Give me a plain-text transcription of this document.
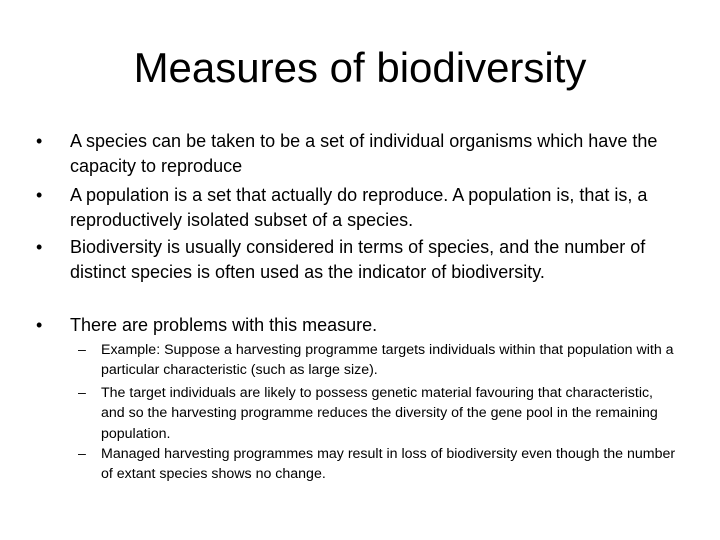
Measures of biodiversity
•	A species can be taken to be a set of individual organisms which have the capacity to reproduce
•	A population is a set that actually do reproduce. A population is, that is, a reproductively isolated subset of a species.
•	Biodiversity is usually considered in terms of species, and the number of distinct species is often used as the indicator of biodiversity.
•	There are problems with this measure.
–	Example: Suppose a harvesting programme targets individuals within that population with a particular characteristic (such as large size).
–	The target individuals are likely to possess genetic material favouring that characteristic, and so the harvesting programme reduces the diversity of the gene pool in the remaining population.
–	Managed harvesting programmes may result in loss of biodiversity even though the number of extant species shows no change.
